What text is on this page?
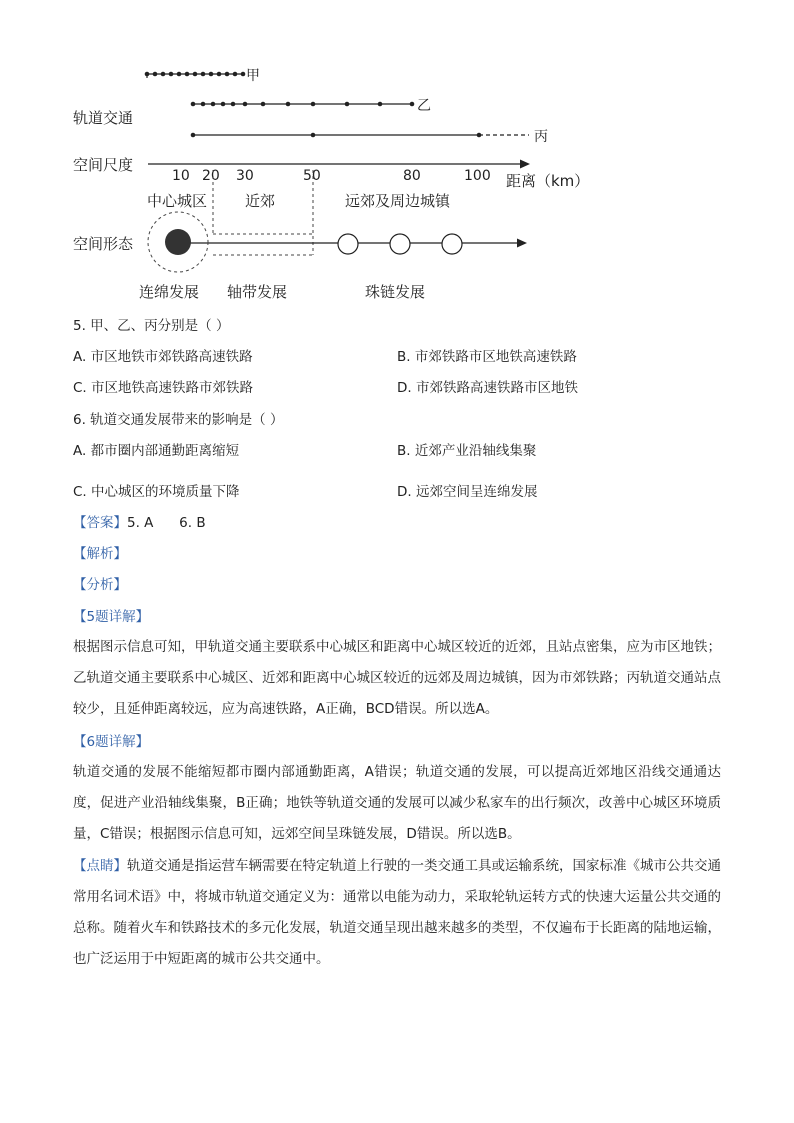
轨道交通
空间尺度
空间形态
甲
乙
丙
10 20 30	50	80	100 距离（km）
中心城区	近郊	远郊及周边城镇
连绵发展 轴带发展	珠链发展
5. 甲、乙、丙分别是（ ）
A. 市区地铁市郊铁路高速铁路	B. 市郊铁路市区地铁高速铁路
C. 市区地铁高速铁路市郊铁路	D. 市郊铁路高速铁路市区地铁
6. 轨道交通发展带来的影响是（ ）
A. 都市圈内部通勤距离缩短	B. 近郊产业沿轴线集聚
C. 中心城区的环境质量下降	D. 远郊空间呈连绵发展
【答案】5. A      6. B
【解析】
【分析】
【5题详解】
根据图示信息可知，甲轨道交通主要联系中心城区和距离中心城区较近的近郊，且站点密集，应为市区地铁；乙轨道交通主要联系中心城区、近郊和距离中心城区较近的远郊及周边城镇，因为市郊铁路；丙轨道交通站点较少，且延伸距离较远，应为高速铁路，A正确，BCD错误。所以选A。
【6题详解】
轨道交通的发展不能缩短都市圈内部通勤距离，A错误；轨道交通的发展，可以提高近郊地区沿线交通通达度，促进产业沿轴线集聚，B正确；地铁等轨道交通的发展可以减少私家车的出行频次，改善中心城区环境质量，C错误；根据图示信息可知，远郊空间呈珠链发展，D错误。所以选B。
【点睛】轨道交通是指运营车辆需要在特定轨道上行驶的一类交通工具或运输系统，国家标准《城市公共交通常用名词术语》中，将城市轨道交通定义为：通常以电能为动力，采取轮轨运转方式的快速大运量公共交通的总称。随着火车和铁路技术的多元化发展，轨道交通呈现出越来越多的类型，不仅遍布于长距离的陆地运输，也广泛运用于中短距离的城市公共交通中。
